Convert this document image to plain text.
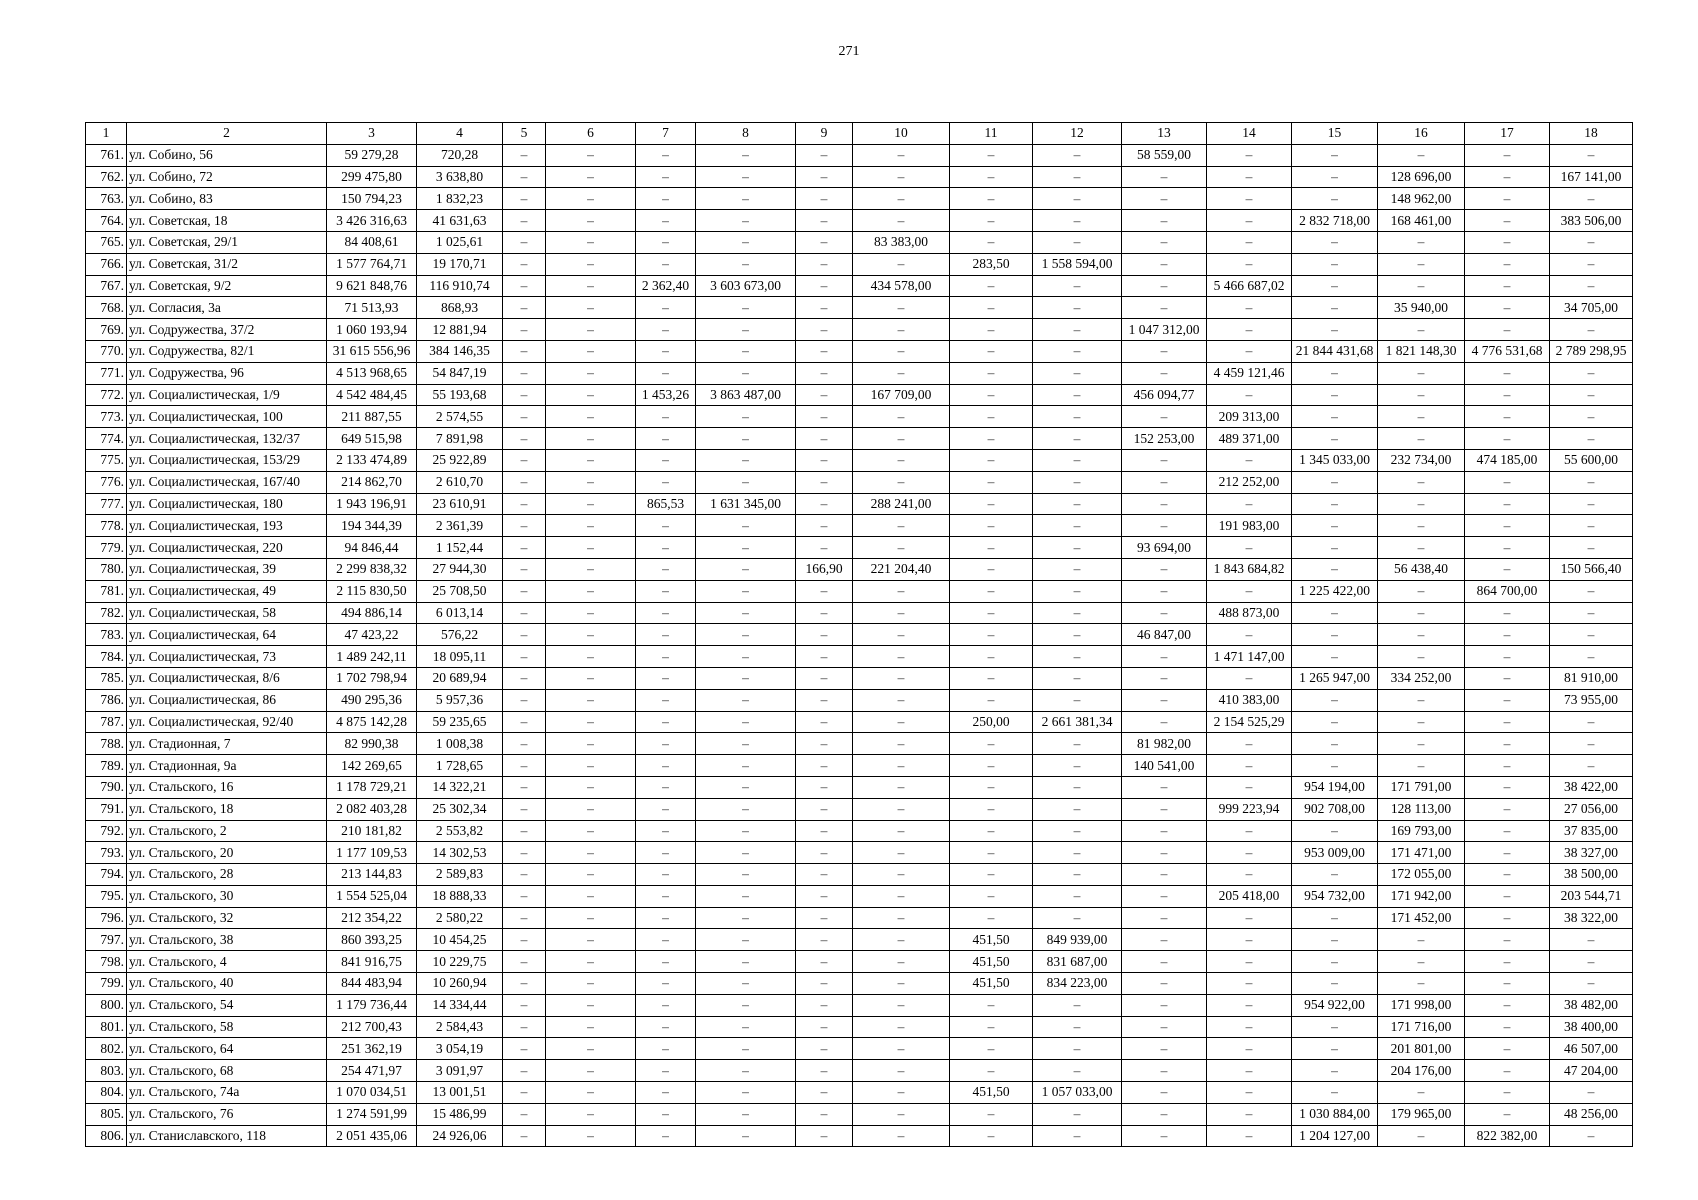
271
1	2	3	4	5	6	7	8	9	10	11	12	13	14	15	16	17	18
761.	ул. Собино, 56	59 279,28	720,28	–	–	–	–	–	–	–	–	58 559,00	–	–	–	–	–
762.	ул. Собино, 72	299 475,80	3 638,80	–	–	–	–	–	–	–	–	–	–	–	128 696,00	–	167 141,00
763.	ул. Собино, 83	150 794,23	1 832,23	–	–	–	–	–	–	–	–	–	–	–	148 962,00	–	–
764.	ул. Советская, 18	3 426 316,63	41 631,63	–	–	–	–	–	–	–	–	–	–	2 832 718,00	168 461,00	–	383 506,00
765.	ул. Советская, 29/1	84 408,61	1 025,61	–	–	–	–	–	83 383,00	–	–	–	–	–	–	–	–
766.	ул. Советская, 31/2	1 577 764,71	19 170,71	–	–	–	–	–	–	283,50	1 558 594,00	–	–	–	–	–	–
767.	ул. Советская, 9/2	9 621 848,76	116 910,74	–	–	2 362,40	3 603 673,00	–	434 578,00	–	–	–	5 466 687,02	–	–	–	–
768.	ул. Согласия, 3а	71 513,93	868,93	–	–	–	–	–	–	–	–	–	–	–	35 940,00	–	34 705,00
769.	ул. Содружества, 37/2	1 060 193,94	12 881,94	–	–	–	–	–	–	–	–	1 047 312,00	–	–	–	–	–
770.	ул. Содружества, 82/1	31 615 556,96	384 146,35	–	–	–	–	–	–	–	–	–	–	21 844 431,68	1 821 148,30	4 776 531,68	2 789 298,95
771.	ул. Содружества, 96	4 513 968,65	54 847,19	–	–	–	–	–	–	–	–	–	4 459 121,46	–	–	–	–
772.	ул. Социалистическая, 1/9	4 542 484,45	55 193,68	–	–	1 453,26	3 863 487,00	–	167 709,00	–	–	456 094,77	–	–	–	–	–
773.	ул. Социалистическая, 100	211 887,55	2 574,55	–	–	–	–	–	–	–	–	–	209 313,00	–	–	–	–
774.	ул. Социалистическая, 132/37	649 515,98	7 891,98	–	–	–	–	–	–	–	–	152 253,00	489 371,00	–	–	–	–
775.	ул. Социалистическая, 153/29	2 133 474,89	25 922,89	–	–	–	–	–	–	–	–	–	–	1 345 033,00	232 734,00	474 185,00	55 600,00
776.	ул. Социалистическая, 167/40	214 862,70	2 610,70	–	–	–	–	–	–	–	–	–	212 252,00	–	–	–	–
777.	ул. Социалистическая, 180	1 943 196,91	23 610,91	–	–	865,53	1 631 345,00	–	288 241,00	–	–	–	–	–	–	–	–
778.	ул. Социалистическая, 193	194 344,39	2 361,39	–	–	–	–	–	–	–	–	–	191 983,00	–	–	–	–
779.	ул. Социалистическая, 220	94 846,44	1 152,44	–	–	–	–	–	–	–	–	93 694,00	–	–	–	–	–
780.	ул. Социалистическая, 39	2 299 838,32	27 944,30	–	–	–	–	166,90	221 204,40	–	–	–	1 843 684,82	–	56 438,40	–	150 566,40
781.	ул. Социалистическая, 49	2 115 830,50	25 708,50	–	–	–	–	–	–	–	–	–	–	1 225 422,00	–	864 700,00	–
782.	ул. Социалистическая, 58	494 886,14	6 013,14	–	–	–	–	–	–	–	–	–	488 873,00	–	–	–	–
783.	ул. Социалистическая, 64	47 423,22	576,22	–	–	–	–	–	–	–	–	46 847,00	–	–	–	–	–
784.	ул. Социалистическая, 73	1 489 242,11	18 095,11	–	–	–	–	–	–	–	–	–	1 471 147,00	–	–	–	–
785.	ул. Социалистическая, 8/6	1 702 798,94	20 689,94	–	–	–	–	–	–	–	–	–	–	1 265 947,00	334 252,00	–	81 910,00
786.	ул. Социалистическая, 86	490 295,36	5 957,36	–	–	–	–	–	–	–	–	–	410 383,00	–	–	–	73 955,00
787.	ул. Социалистическая, 92/40	4 875 142,28	59 235,65	–	–	–	–	–	–	250,00	2 661 381,34	–	2 154 525,29	–	–	–	–
788.	ул. Стадионная, 7	82 990,38	1 008,38	–	–	–	–	–	–	–	–	81 982,00	–	–	–	–	–
789.	ул. Стадионная, 9а	142 269,65	1 728,65	–	–	–	–	–	–	–	–	140 541,00	–	–	–	–	–
790.	ул. Стальского, 16	1 178 729,21	14 322,21	–	–	–	–	–	–	–	–	–	–	954 194,00	171 791,00	–	38 422,00
791.	ул. Стальского, 18	2 082 403,28	25 302,34	–	–	–	–	–	–	–	–	–	999 223,94	902 708,00	128 113,00	–	27 056,00
792.	ул. Стальского, 2	210 181,82	2 553,82	–	–	–	–	–	–	–	–	–	–	–	169 793,00	–	37 835,00
793.	ул. Стальского, 20	1 177 109,53	14 302,53	–	–	–	–	–	–	–	–	–	–	953 009,00	171 471,00	–	38 327,00
794.	ул. Стальского, 28	213 144,83	2 589,83	–	–	–	–	–	–	–	–	–	–	–	172 055,00	–	38 500,00
795.	ул. Стальского, 30	1 554 525,04	18 888,33	–	–	–	–	–	–	–	–	–	205 418,00	954 732,00	171 942,00	–	203 544,71
796.	ул. Стальского, 32	212 354,22	2 580,22	–	–	–	–	–	–	–	–	–	–	–	171 452,00	–	38 322,00
797.	ул. Стальского, 38	860 393,25	10 454,25	–	–	–	–	–	–	451,50	849 939,00	–	–	–	–	–	–
798.	ул. Стальского, 4	841 916,75	10 229,75	–	–	–	–	–	–	451,50	831 687,00	–	–	–	–	–	–
799.	ул. Стальского, 40	844 483,94	10 260,94	–	–	–	–	–	–	451,50	834 223,00	–	–	–	–	–	–
800.	ул. Стальского, 54	1 179 736,44	14 334,44	–	–	–	–	–	–	–	–	–	–	954 922,00	171 998,00	–	38 482,00
801.	ул. Стальского, 58	212 700,43	2 584,43	–	–	–	–	–	–	–	–	–	–	–	171 716,00	–	38 400,00
802.	ул. Стальского, 64	251 362,19	3 054,19	–	–	–	–	–	–	–	–	–	–	–	201 801,00	–	46 507,00
803.	ул. Стальского, 68	254 471,97	3 091,97	–	–	–	–	–	–	–	–	–	–	–	204 176,00	–	47 204,00
804.	ул. Стальского, 74а	1 070 034,51	13 001,51	–	–	–	–	–	–	451,50	1 057 033,00	–	–	–	–	–	–
805.	ул. Стальского, 76	1 274 591,99	15 486,99	–	–	–	–	–	–	–	–	–	–	1 030 884,00	179 965,00	–	48 256,00
806.	ул. Станиславского, 118	2 051 435,06	24 926,06	–	–	–	–	–	–	–	–	–	–	1 204 127,00	–	822 382,00	–
